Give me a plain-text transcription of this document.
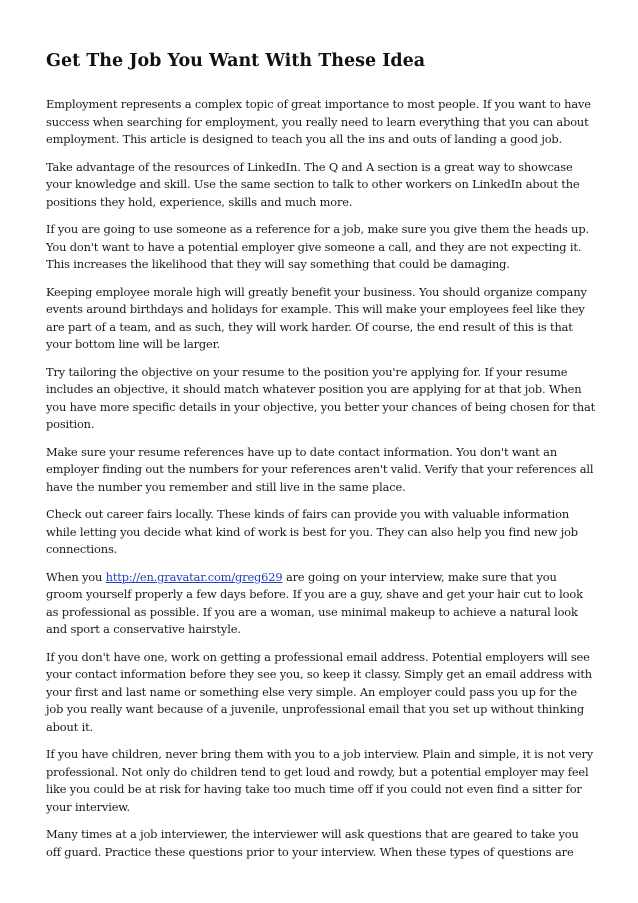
Get The Job You Want With These Idea

Employment represents a complex topic of great importance to most people. If you want to have success when searching for employment, you really need to learn everything that you can about employment. This article is designed to teach you all the ins and outs of landing a good job.

Take advantage of the resources of LinkedIn. The Q and A section is a great way to showcase your knowledge and skill. Use the same section to talk to other workers on LinkedIn about the positions they hold, experience, skills and much more.

If you are going to use someone as a reference for a job, make sure you give them the heads up. You don't want to have a potential employer give someone a call, and they are not expecting it. This increases the likelihood that they will say something that could be damaging.

Keeping employee morale high will greatly benefit your business. You should organize company events around birthdays and holidays for example. This will make your employees feel like they are part of a team, and as such, they will work harder. Of course, the end result of this is that your bottom line will be larger.

Try tailoring the objective on your resume to the position you're applying for. If your resume includes an objective, it should match whatever position you are applying for at that job. When you have more specific details in your objective, you better your chances of being chosen for that position.

Make sure your resume references have up to date contact information. You don't want an employer finding out the numbers for your references aren't valid. Verify that your references all have the number you remember and still live in the same place.

Check out career fairs locally. These kinds of fairs can provide you with valuable information while letting you decide what kind of work is best for you. They can also help you find new job connections.

When you http://en.gravatar.com/greg629 are going on your interview, make sure that you groom yourself properly a few days before. If you are a guy, shave and get your hair cut to look as professional as possible. If you are a woman, use minimal makeup to achieve a natural look and sport a conservative hairstyle.

If you don't have one, work on getting a professional email address. Potential employers will see your contact information before they see you, so keep it classy. Simply get an email address with your first and last name or something else very simple. An employer could pass you up for the job you really want because of a juvenile, unprofessional email that you set up without thinking about it.

If you have children, never bring them with you to a job interview. Plain and simple, it is not very professional. Not only do children tend to get loud and rowdy, but a potential employer may feel like you could be at risk for having take too much time off if you could not even find a sitter for your interview.

Many times at a job interviewer, the interviewer will ask questions that are geared to take you off guard. Practice these questions prior to your interview. When these types of questions are
